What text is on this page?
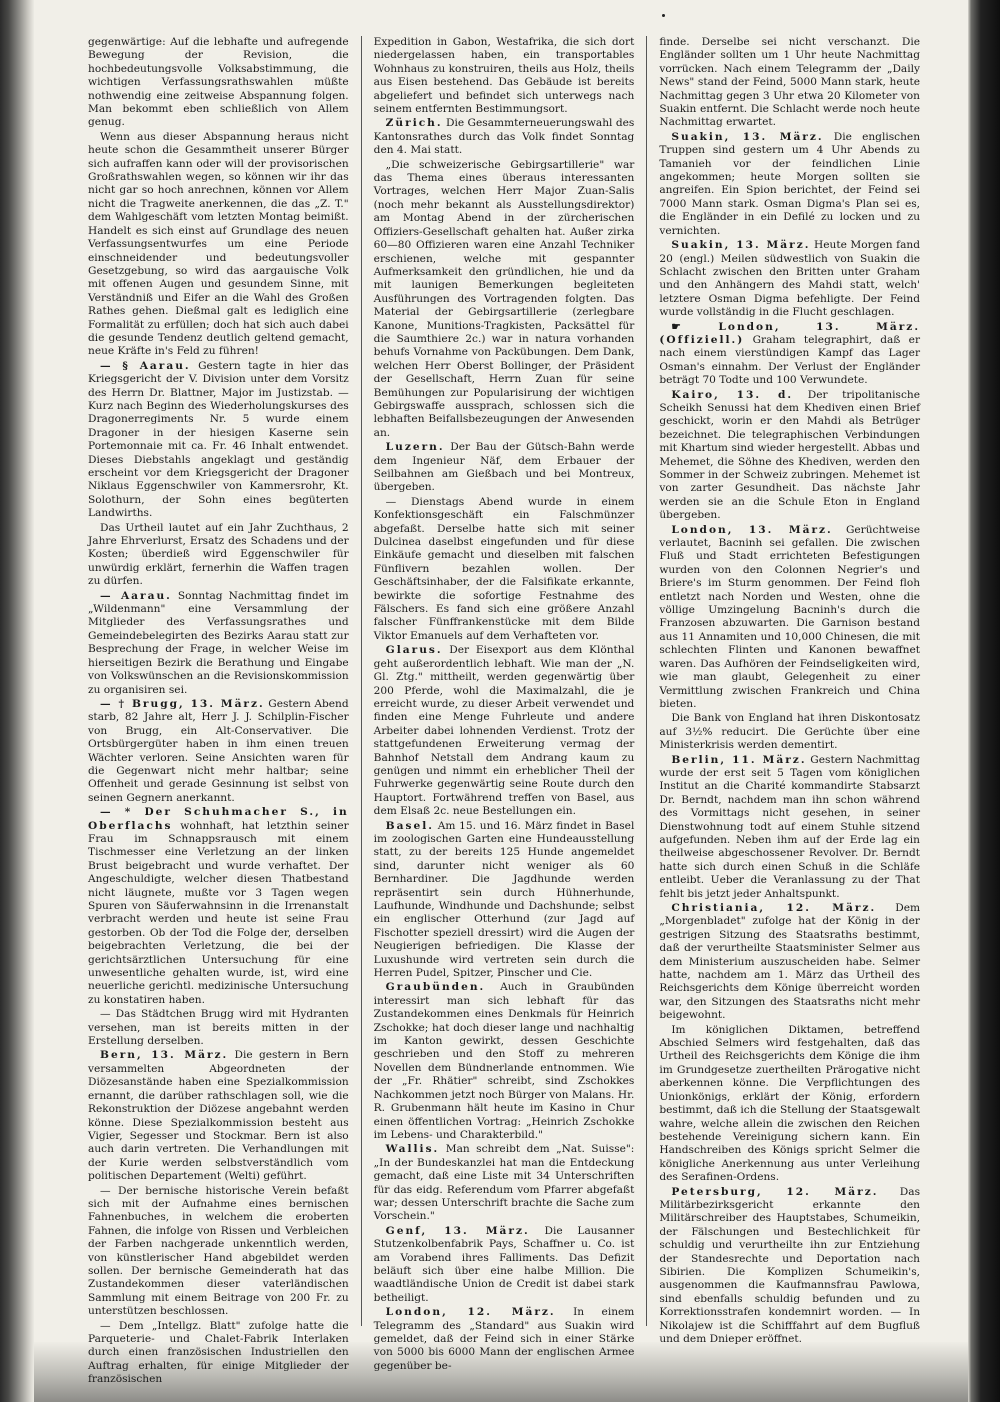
gegenwärtige: Auf die lebhafte und aufregende Bewegung der Revision, die hochbedeutungsvolle Volksabstimmung, die wichtigen Verfassungsrathswahlen müßte nothwendig eine zeitweise Abspannung folgen. Man bekommt eben schließlich von Allem genug.

Wenn aus dieser Abspannung heraus nicht heute schon die Gesammtheit unserer Bürger sich aufraffen kann oder will der provisorischen Großrathswahlen wegen, so können wir ihr das nicht gar so hoch anrechnen, können vor Allem nicht die Tragweite anerkennen, die das „Z. T." dem Wahlgeschäft vom letzten Montag beimißt. Handelt es sich einst auf Grundlage des neuen Verfassungsentwurfes um eine Periode einschneidender und bedeutungsvoller Gesetzgebung, so wird das aargauische Volk mit offenen Augen und gesundem Sinne, mit Verständniß und Eifer an die Wahl des Großen Rathes gehen. Dießmal galt es lediglich eine Formalität zu erfüllen; doch hat sich auch dabei die gesunde Tendenz deutlich geltend gemacht, neue Kräfte in's Feld zu führen!

— § Aarau. Gestern tagte in hier das Kriegsgericht der V. Division unter dem Vorsitz des Herrn Dr. Blattner, Major im Justizstab. — Kurz nach Beginn des Wiederholungskurses des Dragonerregiments Nr. 5 wurde einem Dragoner in der hiesigen Kaserne sein Portemonnaie mit ca. Fr. 46 Inhalt entwendet. Dieses Diebstahls angeklagt und geständig erscheint vor dem Kriegsgericht der Dragoner Niklaus Eggenschwiler von Kammersrohr, Kt. Solothurn, der Sohn eines begüterten Landwirths.

Das Urtheil lautet auf ein Jahr Zuchthaus, 2 Jahre Ehrverlurst, Ersatz des Schadens und der Kosten; überdieß wird Eggenschwiler für unwürdig erklärt, fernerhin die Waffen tragen zu dürfen.

— Aarau. Sonntag Nachmittag findet im „Wildenmann" eine Versammlung der Mitglieder des Verfassungsrathes und Gemeindebelegirten des Bezirks Aarau statt zur Besprechung der Frage, in welcher Weise im hierseitigen Bezirk die Berathung und Eingabe von Volkswünschen an die Revisionskommission zu organisiren sei.

— † Brugg, 13. März. Gestern Abend starb, 82 Jahre alt, Herr J. J. Schilplin-Fischer von Brugg, ein Alt-Conservativer. Die Ortsbürgergüter haben in ihm einen treuen Wächter verloren. Seine Ansichten waren für die Gegenwart nicht mehr haltbar; seine Offenheit und gerade Gesinnung ist selbst von seinen Gegnern anerkannt.

— * Der Schuhmacher S., in Oberflachs wohnhaft, hat letzthin seiner Frau im Schnappsrausch mit einem Tischmesser eine Verletzung an der linken Brust beigebracht und wurde verhaftet. Der Angeschuldigte, welcher diesen Thatbestand nicht läugnete, mußte vor 3 Tagen wegen Spuren von Säuferwahnsinn in die Irrenanstalt verbracht werden und heute ist seine Frau gestorben. Ob der Tod die Folge der, derselben beigebrachten Verletzung, die bei der gerichtsärztlichen Untersuchung für eine unwesentliche gehalten wurde, ist, wird eine neuerliche gerichtl. medizinische Untersuchung zu konstatiren haben.

— Das Städtchen Brugg wird mit Hydranten versehen, man ist bereits mitten in der Erstellung derselben.

Bern, 13. März. Die gestern in Bern versammelten Abgeordneten der Diözesanstände haben eine Spezialkommission ernannt, die darüber rathschlagen soll, wie die Rekonstruktion der Diözese angebahnt werden könne. Diese Spezialkommission besteht aus Vigier, Segesser und Stockmar. Bern ist also auch darin vertreten. Die Verhandlungen mit der Kurie werden selbstverständlich vom politischen Departement (Welti) geführt.

— Der bernische historische Verein befaßt sich mit der Aufnahme eines bernischen Fahnenbuches, in welchem die eroberten Fahnen, die infolge von Rissen und Verbleichen der Farben nachgerade unkenntlich werden, von künstlerischer Hand abgebildet werden sollen. Der bernische Gemeinderath hat das Zustandekommen dieser vaterländischen Sammlung mit einem Beitrage von 200 Fr. zu unterstützen beschlossen.

— Dem „Intellgz. Blatt" zufolge hatte die Parqueterie- und Chalet-Fabrik Interlaken durch einen französischen Industriellen den Auftrag erhalten, für einige Mitglieder der französischen

Expedition in Gabon, Westafrika, die sich dort niedergelassen haben, ein transportables Wohnhaus zu konstruiren, theils aus Holz, theils aus Eisen bestehend. Das Gebäude ist bereits abgeliefert und befindet sich unterwegs nach seinem entfernten Bestimmungsort.

Zürich. Die Gesammterneuerungswahl des Kantonsrathes durch das Volk findet Sonntag den 4. Mai statt.

„Die schweizerische Gebirgsartillerie" war das Thema eines überaus interessanten Vortrages, welchen Herr Major Zuan-Salis (noch mehr bekannt als Ausstellungsdirektor) am Montag Abend in der zürcherischen Offiziers-Gesellschaft gehalten hat. Außer zirka 60—80 Offizieren waren eine Anzahl Techniker erschienen, welche mit gespannter Aufmerksamkeit den gründlichen, hie und da mit launigen Bemerkungen begleiteten Ausführungen des Vortragenden folgten. Das Material der Gebirgsartillerie (zerlegbare Kanone, Munitions-Tragkisten, Packsättel für die Saumthiere 2c.) war in natura vorhanden behufs Vornahme von Packübungen. Dem Dank, welchen Herr Oberst Bollinger, der Präsident der Gesellschaft, Herrn Zuan für seine Bemühungen zur Popularisirung der wichtigen Gebirgswaffe aussprach, schlossen sich die lebhaften Beifallsbezeugungen der Anwesenden an.

Luzern. Der Bau der Gütsch-Bahn werde dem Ingenieur Näf, dem Erbauer der Seilbahnen am Gießbach und bei Montreux, übergeben.

— Dienstags Abend wurde in einem Konfektionsgeschäft ein Falschmünzer abgefaßt. Derselbe hatte sich mit seiner Dulcinea daselbst eingefunden und für diese Einkäufe gemacht und dieselben mit falschen Fünflivern bezahlen wollen. Der Geschäftsinhaber, der die Falsifikate erkannte, bewirkte die sofortige Festnahme des Fälschers. Es fand sich eine größere Anzahl falscher Fünffrankenstücke mit dem Bilde Viktor Emanuels auf dem Verhafteten vor.

Glarus. Der Eisexport aus dem Klönthal geht außerordentlich lebhaft. Wie man der „N. Gl. Ztg." mittheilt, werden gegenwärtig über 200 Pferde, wohl die Maximalzahl, die je erreicht wurde, zu dieser Arbeit verwendet und finden eine Menge Fuhrleute und andere Arbeiter dabei lohnenden Verdienst. Trotz der stattgefundenen Erweiterung vermag der Bahnhof Netstall dem Andrang kaum zu genügen und nimmt ein erheblicher Theil der Fuhrwerke gegenwärtig seine Route durch den Hauptort. Fortwährend treffen von Basel, aus dem Elsaß 2c. neue Bestellungen ein.

Basel. Am 15. und 16. März findet in Basel im zoologischen Garten eine Hundeausstellung statt, zu der bereits 125 Hunde angemeldet sind, darunter nicht weniger als 60 Bernhardiner. Die Jagdhunde werden repräsentirt sein durch Hühnerhunde, Laufhunde, Windhunde und Dachshunde; selbst ein englischer Otterhund (zur Jagd auf Fischotter speziell dressirt) wird die Augen der Neugierigen befriedigen. Die Klasse der Luxushunde wird vertreten sein durch die Herren Pudel, Spitzer, Pinscher und Cie.

Graubünden. Auch in Graubünden interessirt man sich lebhaft für das Zustandekommen eines Denkmals für Heinrich Zschokke; hat doch dieser lange und nachhaltig im Kanton gewirkt, dessen Geschichte geschrieben und den Stoff zu mehreren Novellen dem Bündnerlande entnommen. Wie der „Fr. Rhätier" schreibt, sind Zschokkes Nachkommen jetzt noch Bürger von Malans. Hr. R. Grubenmann hält heute im Kasino in Chur einen öffentlichen Vortrag: „Heinrich Zschokke im Lebens- und Charakterbild."

Wallis. Man schreibt dem „Nat. Suisse": „In der Bundeskanzlei hat man die Entdeckung gemacht, daß eine Liste mit 34 Unterschriften für das eidg. Referendum vom Pfarrer abgefaßt war; dessen Unterschrift brachte die Sache zum Vorschein."

Genf, 13. März. Die Lausanner Stutzenkolbenfabrik Pays, Schaffner u. Co. ist am Vorabend ihres Falliments. Das Defizit beläuft sich über eine halbe Million. Die waadtländische Union de Credit ist dabei stark betheiligt.

London, 12. März. In einem Telegramm des „Standard" aus Suakin wird gemeldet, daß der Feind sich in einer Stärke von 5000 bis 6000 Mann der englischen Armee gegenüber be-

finde. Derselbe sei nicht verschanzt. Die Engländer sollten um 1 Uhr heute Nachmittag vorrücken. Nach einem Telegramm der „Daily News" stand der Feind, 5000 Mann stark, heute Nachmittag gegen 3 Uhr etwa 20 Kilometer von Suakin entfernt. Die Schlacht werde noch heute Nachmittag erwartet.

Suakin, 13. März. Die englischen Truppen sind gestern um 4 Uhr Abends zu Tamanieh vor der feindlichen Linie angekommen; heute Morgen sollten sie angreifen. Ein Spion berichtet, der Feind sei 7000 Mann stark. Osman Digma's Plan sei es, die Engländer in ein Defilé zu locken und zu vernichten.

Suakin, 13. März. Heute Morgen fand 20 (engl.) Meilen südwestlich von Suakin die Schlacht zwischen den Britten unter Graham und den Anhängern des Mahdi statt, welch' letztere Osman Digma befehligte. Der Feind wurde vollständig in die Flucht geschlagen.

☛ London, 13. März. (Offiziell.) Graham telegraphirt, daß er nach einem vierstündigen Kampf das Lager Osman's einnahm. Der Verlust der Engländer beträgt 70 Todte und 100 Verwundete.

Kairo, 13. d. Der tripolitanische Scheikh Senussi hat dem Khediven einen Brief geschickt, worin er den Mahdi als Betrüger bezeichnet. Die telegraphischen Verbindungen mit Khartum sind wieder hergestellt. Abbas und Mehemet, die Söhne des Khediven, werden den Sommer in der Schweiz zubringen. Mehemet ist von zarter Gesundheit. Das nächste Jahr werden sie an die Schule Eton in England übergeben.

London, 13. März. Gerüchtweise verlautet, Bacninh sei gefallen. Die zwischen Fluß und Stadt errichteten Befestigungen wurden von den Colonnen Negrier's und Briere's im Sturm genommen. Der Feind floh entletzt nach Norden und Westen, ohne die völlige Umzingelung Bacninh's durch die Franzosen abzuwarten. Die Garnison bestand aus 11 Annamiten und 10,000 Chinesen, die mit schlechten Flinten und Kanonen bewaffnet waren. Das Aufhören der Feindseligkeiten wird, wie man glaubt, Gelegenheit zu einer Vermittlung zwischen Frankreich und China bieten.

Die Bank von England hat ihren Diskontosatz auf 3½% reducirt. Die Gerüchte über eine Ministerkrisis werden dementirt.

Berlin, 11. März. Gestern Nachmittag wurde der erst seit 5 Tagen vom königlichen Institut an die Charité kommandirte Stabsarzt Dr. Berndt, nachdem man ihn schon während des Vormittags nicht gesehen, in seiner Dienstwohnung todt auf einem Stuhle sitzend aufgefunden. Neben ihm auf der Erde lag ein theilweise abgeschossener Revolver. Dr. Berndt hatte sich durch einen Schuß in die Schläfe entleibt. Ueber die Veranlassung zu der That fehlt bis jetzt jeder Anhaltspunkt.

Christiania, 12. März. Dem „Morgenbladet" zufolge hat der König in der gestrigen Sitzung des Staatsraths bestimmt, daß der verurtheilte Staatsminister Selmer aus dem Ministerium auszuscheiden habe. Selmer hatte, nachdem am 1. März das Urtheil des Reichsgerichts dem Könige überreicht worden war, den Sitzungen des Staatsraths nicht mehr beigewohnt.

Im königlichen Diktamen, betreffend Abschied Selmers wird festgehalten, daß das Urtheil des Reichsgerichts dem Könige die ihm im Grundgesetze zuertheilten Prärogative nicht aberkennen könne. Die Verpflichtungen des Unionkönigs, erklärt der König, erfordern bestimmt, daß ich die Stellung der Staatsgewalt wahre, welche allein die zwischen den Reichen bestehende Vereinigung sichern kann. Ein Handschreiben des Königs spricht Selmer die königliche Anerkennung aus unter Verleihung des Serafinen-Ordens.

Petersburg, 12. März. Das Militärbezirksgericht erkannte den Militärschreiber des Hauptstabes, Schumeikin, der Fälschungen und Bestechlichkeit für schuldig und verurtheilte ihn zur Entziehung der Standesrechte und Deportation nach Sibirien. Die Komplizen Schumeikin's, ausgenommen die Kaufmannsfrau Pawlowa, sind ebenfalls schuldig befunden und zu Korrektionsstrafen kondemnirt worden. — In Nikolajew ist die Schifffahrt auf dem Bugfluß und dem Dnieper eröffnet.
